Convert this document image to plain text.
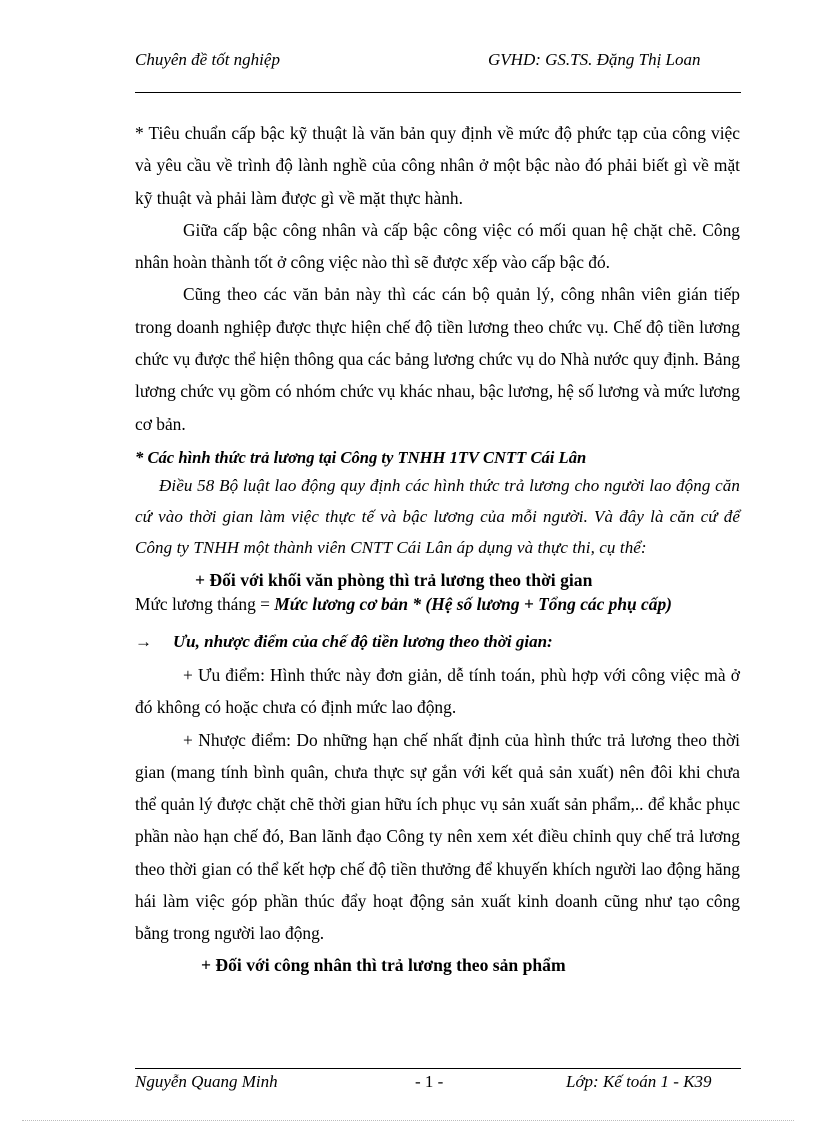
Chuyên đề tốt nghiệp	GVHD: GS.TS. Đặng Thị Loan

* Tiêu chuẩn cấp bậc kỹ thuật là văn bản quy định về mức độ phức tạp của công việc và yêu cầu về trình độ lành nghề của công nhân ở một bậc nào đó phải biết gì về mặt kỹ thuật và phải làm được gì về mặt thực hành.

Giữa cấp bậc công nhân và cấp bậc công việc có mối quan hệ chặt chẽ. Công nhân hoàn thành tốt ở công việc nào thì sẽ được xếp vào cấp bậc đó.

Cũng theo các văn bản này thì các cán bộ quản lý, công nhân viên gián tiếp trong doanh nghiệp được thực hiện chế độ tiền lương theo chức vụ. Chế độ tiền lương chức vụ được thể hiện thông qua các bảng lương chức vụ do Nhà nước quy định. Bảng lương chức vụ gồm có nhóm chức vụ khác nhau, bậc lương, hệ số lương và mức lương cơ bản.

* Các hình thức trả lương tại Công ty TNHH 1TV CNTT Cái Lân

Điều 58 Bộ luật lao động quy định các hình thức trả lương cho người lao động căn cứ vào thời gian làm việc thực tế và bậc lương của mỗi người. Và đây là căn cứ để Công ty TNHH một thành viên CNTT Cái Lân áp dụng và thực thi, cụ thể:

+ Đối với khối văn phòng thì trả lương theo thời gian

Mức lương tháng = Mức lương cơ bản * (Hệ số lương + Tổng các phụ cấp)

→ Ưu, nhược điểm của chế độ tiền lương theo thời gian:

+ Ưu điểm: Hình thức này đơn giản, dễ tính toán, phù hợp với công việc mà ở đó không có hoặc chưa có định mức lao động.

+ Nhược điểm: Do những hạn chế nhất định của hình thức trả lương theo thời gian (mang tính bình quân, chưa thực sự gắn với kết quả sản xuất) nên đôi khi chưa thể quản lý được chặt chẽ thời gian hữu ích phục vụ sản xuất sản phẩm,.. để khắc phục phần nào hạn chế đó, Ban lãnh đạo Công ty nên xem xét điều chỉnh quy chế trả lương theo thời gian có thể kết hợp chế độ tiền thưởng để khuyến khích người lao động hăng hái làm việc góp phần thúc đẩy hoạt động sản xuất kinh doanh cũng như tạo công bằng trong người lao động.

+ Đối với công nhân thì trả lương theo sản phẩm

Nguyễn Quang Minh	- 1 -	Lớp: Kế toán 1 - K39
